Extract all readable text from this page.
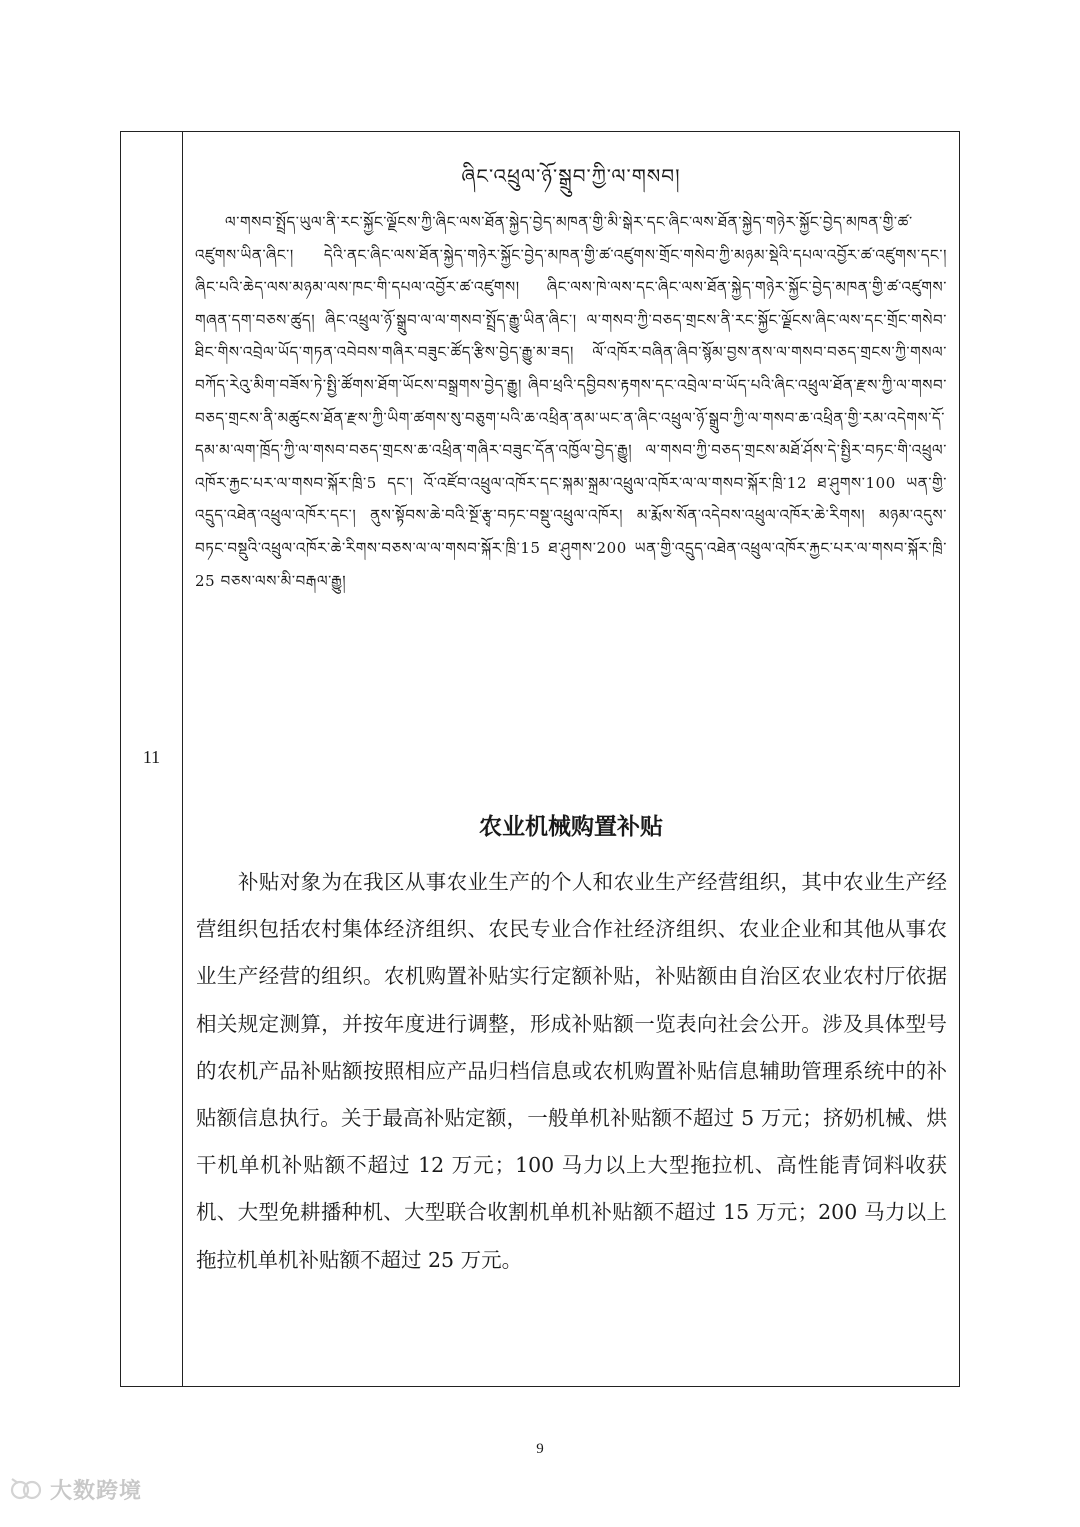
11
ཞིང་འཕྲུལ་ཉོ་སྒྲུབ་ཀྱི་ལ་གསབ།
ལ་གསབ་སྤྲོད་ཡུལ་ནི་རང་སྐྱོང་ལྗོངས་ཀྱི་ཞིང་ལས་ཐོན་སྐྱེད་བྱེད་མཁན་གྱི་མི་སྒེར་དང་ཞིང་ལས་ཐོན་སྐྱེད་གཉེར་སྐྱོང་བྱེད་མཁན་གྱི་ཚ་འཛུགས་ཡིན་ཞིང་། དེའི་ནང་ཞིང་ལས་ཐོན་སྐྱེད་གཉེར་སྐྱོང་བྱེད་མཁན་གྱི་ཚ་འཛུགས་གྲོང་གསེབ་ཀྱི་མཉམ་སྡེའི་དཔལ་འབྱོར་ཚ་འཛུགས་དང་། ཞིང་པའི་ཆེད་ལས་མཉམ་ལས་ཁང་གི་དཔལ་འབྱོར་ཚ་འཛུགས། ཞིང་ལས་ཁེ་ལས་དང་ཞིང་ལས་ཐོན་སྐྱེད་གཉེར་སྐྱོང་བྱེད་མཁན་གྱི་ཚ་འཛུགས་གཞན་དག་བཅས་ཚུད། ཞིང་འཕྲུལ་ཉོ་སྒྲུབ་ལ་ལ་གསབ་སྤྲོད་རྒྱུ་ཡིན་ཞིང་། ལ་གསབ་ཀྱི་བཅད་གྲངས་ནི་རང་སྐྱོང་ལྗོངས་ཞིང་ལས་དང་གྲོང་གསེབ་ཐིང་གིས་འབྲེལ་ཡོད་གཏན་འབེབས་གཞིར་བཟུང་ཚོད་རྩིས་བྱེད་རྒྱུ་མ་ཟད། ལོ་འཁོར་བཞིན་ཞིབ་སྙོམ་བྱས་ནས་ལ་གསབ་བཅད་གྲངས་ཀྱི་གསལ་བཀོད་རེའུ་མིག་བཟོས་ཏེ་སྤྱི་ཚོགས་ཐོག་ཡོངས་བསྒྲགས་བྱེད་རྒྱུ། ཞིབ་ཕྲའི་དབྱིབས་རྟགས་དང་འབྲེལ་བ་ཡོད་པའི་ཞིང་འཕྲུལ་ཐོན་རྫས་ཀྱི་ལ་གསབ་བཅད་གྲངས་ནི་མཚུངས་ཐོན་རྫས་ཀྱི་ཡིག་ཚགས་སུ་བཅུག་པའི་ཆ་འཕྲིན་ནམ་ཡང་ན་ཞིང་འཕྲུལ་ཉོ་སྒྲུབ་ཀྱི་ལ་གསབ་ཆ་འཕྲིན་གྱི་རམ་འདེགས་དོ་དམ་མ་ལག་ཁྲོད་ཀྱི་ལ་གསབ་བཅད་གྲངས་ཆ་འཕྲིན་གཞིར་བཟུང་དོན་འཁྱོལ་བྱེད་རྒྱུ། ལ་གསབ་ཀྱི་བཅད་གྲངས་མཐོ་ཤོས་དེ་སྤྱིར་བཏང་གི་འཕྲུལ་འཁོར་རྐྱང་པར་ལ་གསབ་སྐོར་ཁྲི་5 དང་། འོ་འཛོབ་འཕྲུལ་འཁོར་དང་སྐམ་སྐྲམ་འཕྲུལ་འཁོར་ལ་ལ་གསབ་སྐོར་ཁྲི་12 ཐ་ཤུགས་100 ཡན་གྱི་འདྲུད་འཐེན་འཕྲུལ་འཁོར་དང་། ནུས་སྟོབས་ཆེ་བའི་སྔོ་རྩྭ་བཏང་བསྡུ་འཕྲུལ་འཁོར། མ་རྨོས་སོན་འདེབས་འཕྲུལ་འཁོར་ཆེ་རིགས། མཉམ་འདུས་བཏང་བསྡུའི་འཕྲུལ་འཁོར་ཆེ་རིགས་བཅས་ལ་ལ་གསབ་སྐོར་ཁྲི་15 ཐ་ཤུགས་200 ཡན་གྱི་འདྲུད་འཐེན་འཕྲུལ་འཁོར་རྐྱང་པར་ལ་གསབ་སྐོར་ཁྲི་25 བཅས་ལས་མི་བརྒལ་རྒྱུ།
农业机械购置补贴
补贴对象为在我区从事农业生产的个人和农业生产经营组织，其中农业生产经营组织包括农村集体经济组织、农民专业合作社经济组织、农业企业和其他从事农业生产经营的组织。农机购置补贴实行定额补贴，补贴额由自治区农业农村厅依据相关规定测算，并按年度进行调整，形成补贴额一览表向社会公开。涉及具体型号的农机产品补贴额按照相应产品归档信息或农机购置补贴信息辅助管理系统中的补贴额信息执行。关于最高补贴定额，一般单机补贴额不超过 5 万元；挤奶机械、烘干机单机补贴额不超过 12 万元；100 马力以上大型拖拉机、高性能青饲料收获机、大型免耕播种机、大型联合收割机单机补贴额不超过 15 万元；200 马力以上拖拉机单机补贴额不超过 25 万元。
9
大数跨境
